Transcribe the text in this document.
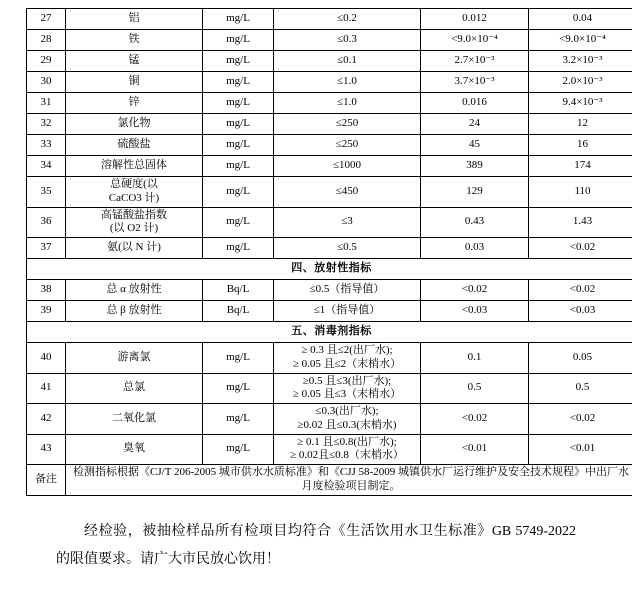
27	铝	mg/L	≤0.2	0.012	0.04
28	铁	mg/L	≤0.3	<9.0×10⁻⁴	<9.0×10⁻⁴
29	锰	mg/L	≤0.1	2.7×10⁻³	3.2×10⁻³
30	铜	mg/L	≤1.0	3.7×10⁻³	2.0×10⁻³
31	锌	mg/L	≤1.0	0.016	9.4×10⁻³
32	氯化物	mg/L	≤250	24	12
33	硫酸盐	mg/L	≤250	45	16
34	溶解性总固体	mg/L	≤1000	389	174
35	总硬度(以
CaCO3 计)	mg/L	≤450	129	110
36	高锰酸盐指数
(以 O2 计)	mg/L	≤3	0.43	1.43
37	氨(以 N 计)	mg/L	≤0.5	0.03	<0.02
四、放射性指标					
38	总 α 放射性	Bq/L	≤0.5（指导值）	<0.02	<0.02
39	总 β 放射性	Bq/L	≤1（指导值）	<0.03	<0.03
五、消毒剂指标					
40	游离氯	mg/L	≥ 0.3 且≤2(出厂水);
≥ 0.05 且≤2（末梢水）	0.1	0.05
41	总氯	mg/L	≥0.5 且≤3(出厂水);
≥ 0.05 且≤3（末梢水）	0.5	0.5
42	二氧化氯	mg/L	≤0.3(出厂水);
≥0.02 且≤0.3(末梢水)	<0.02	<0.02
43	臭氧	mg/L	≥ 0.1 且≤0.8(出厂水);
≥ 0.02且≤0.8（末梢水）	<0.01	<0.01
备注	检测指标根据《CJ/T 206-2005 城市供水水质标准》和《CJJ 58-2009 城镇供水厂运行维护及安全技术规程》中出厂水月度检验项目制定。				

经检验，被抽检样品所有检项目均符合《生活饮用水卫生标准》GB 5749-2022 的限值要求。请广大市民放心饮用！
